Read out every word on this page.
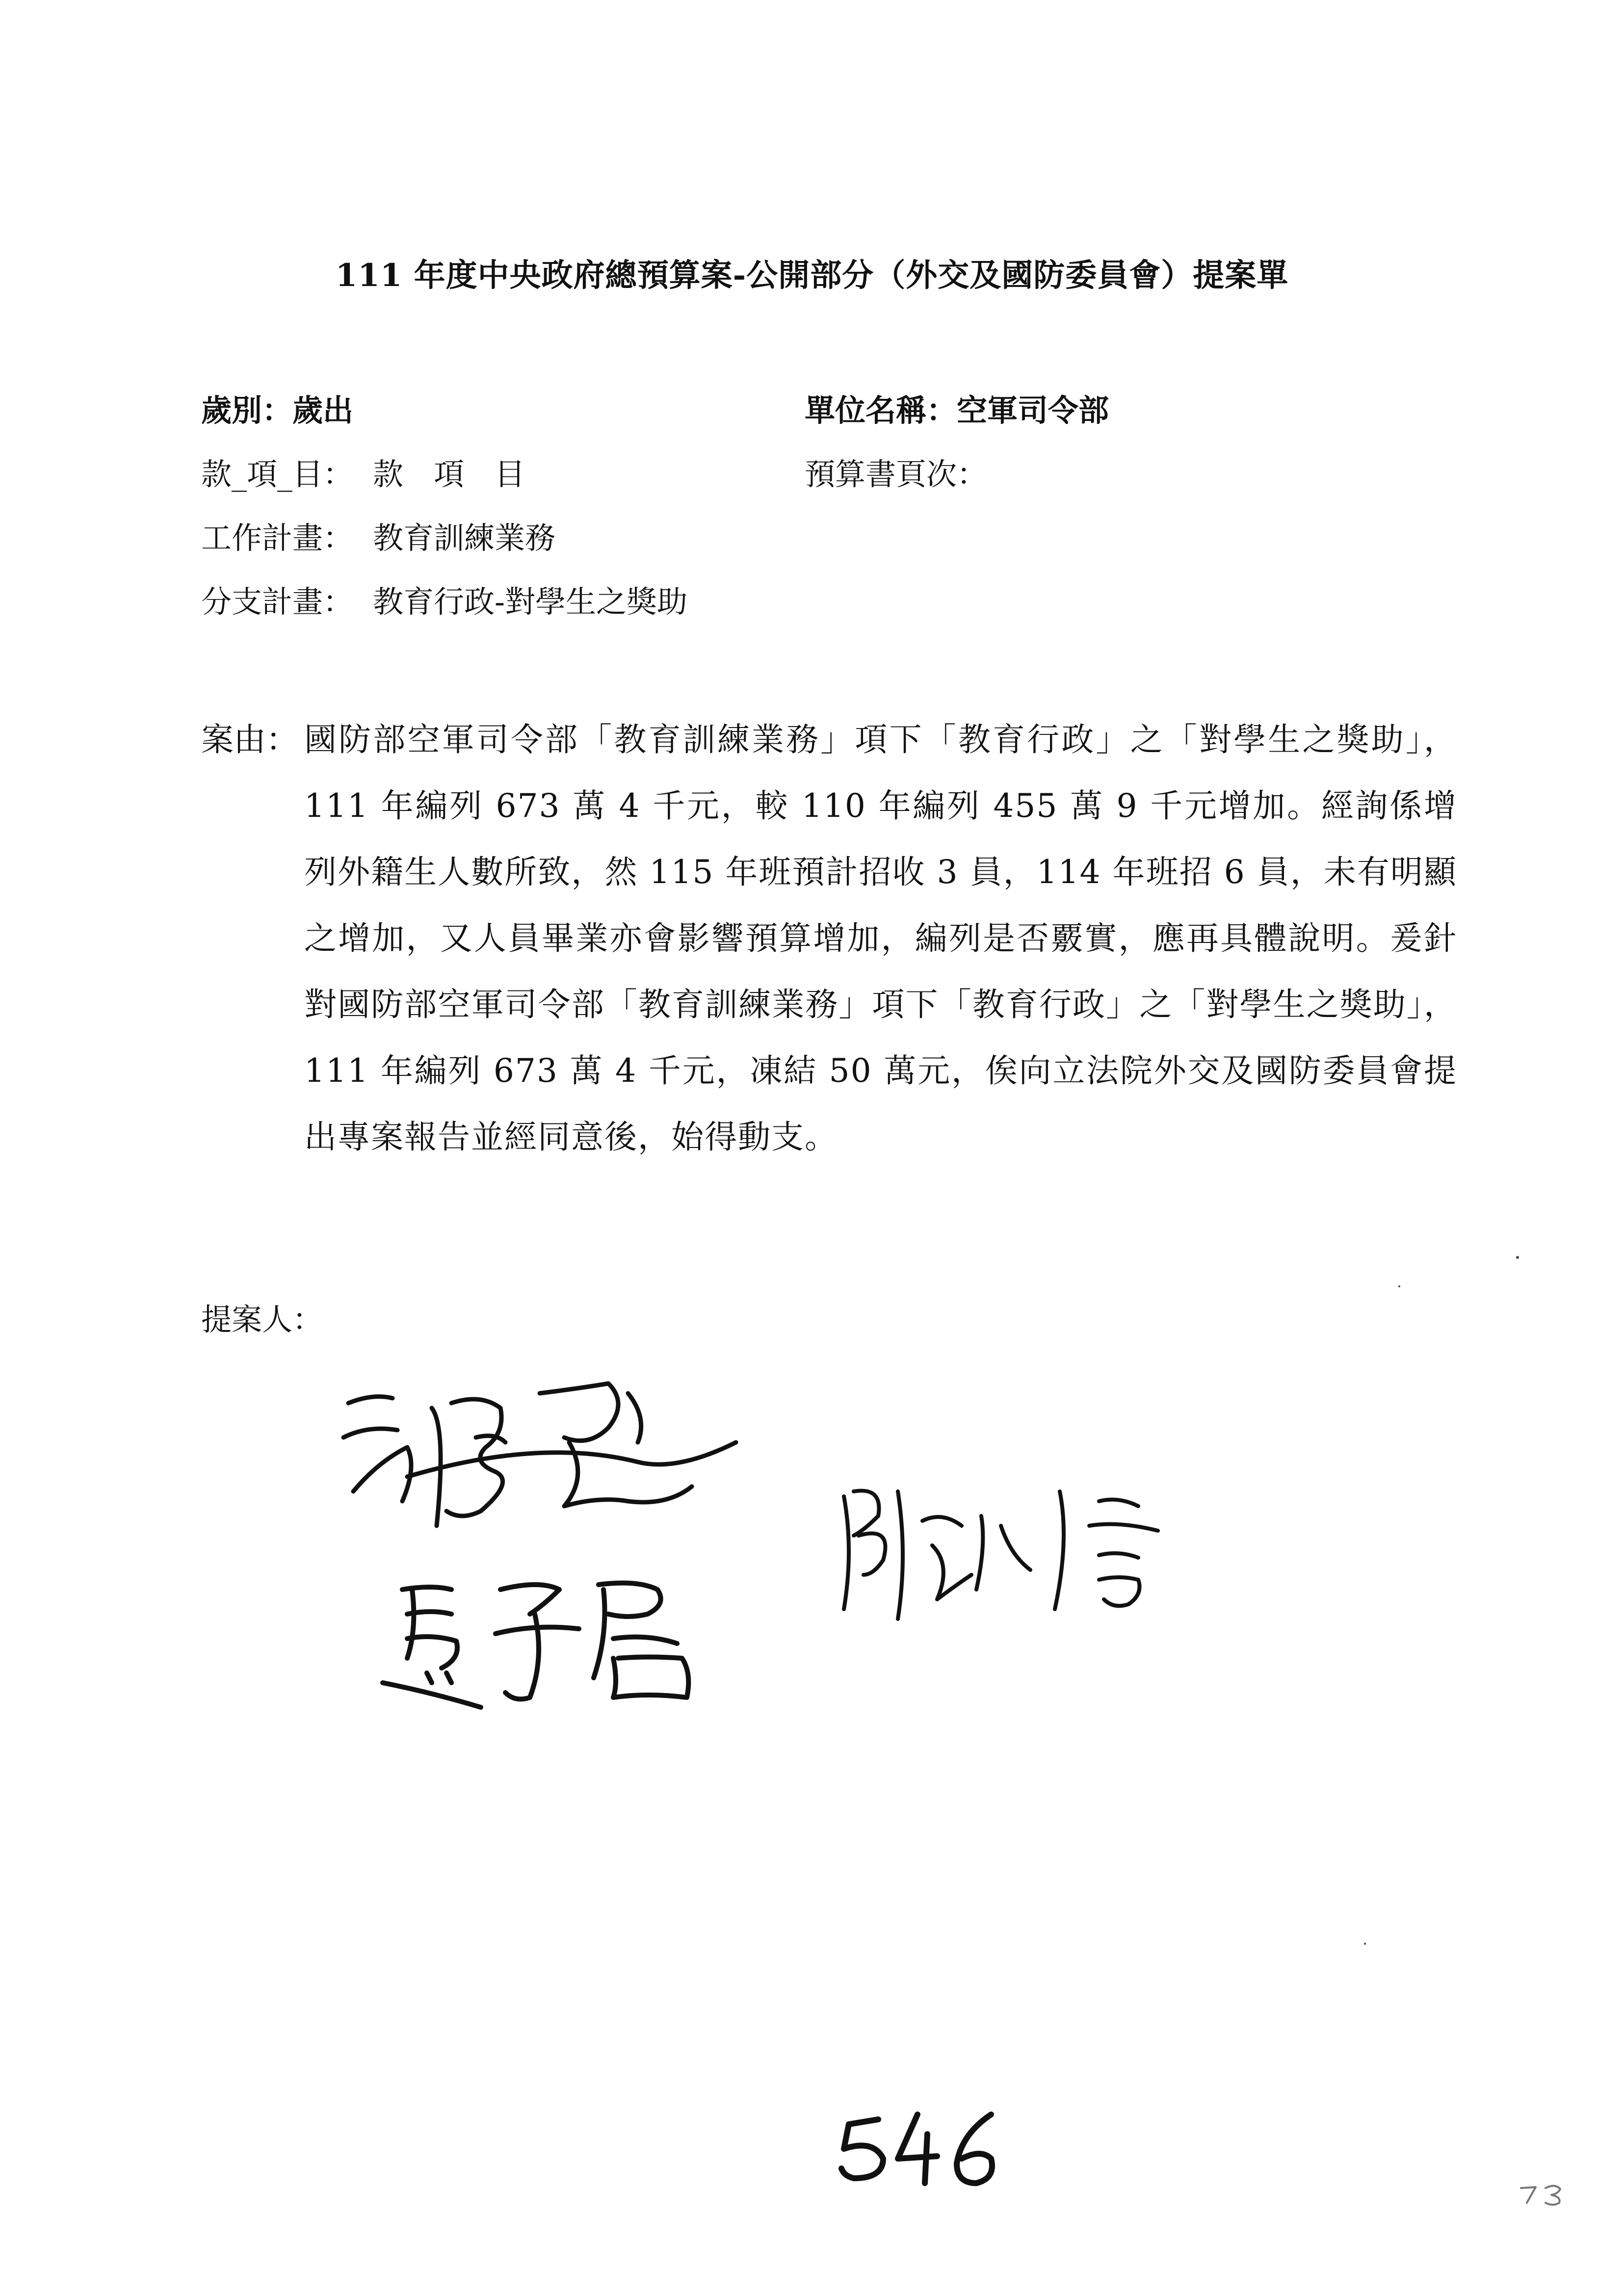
111 年度中央政府總預算案-公開部分（外交及國防委員會）提案單
歲別：歲出	單位名稱：空軍司令部
款_項_目： 款　項　目	預算書頁次：
工作計畫： 教育訓練業務
分支計畫： 教育行政-對學生之獎助
案由： 國防部空軍司令部「教育訓練業務」項下「教育行政」之「對學生之獎助」，111 年編列 673 萬 4 千元，較 110 年編列 455 萬 9 千元增加。經詢係增列外籍生人數所致，然 115 年班預計招收 3 員，114 年班招 6 員，未有明顯之增加，又人員畢業亦會影響預算增加，編列是否覈實，應再具體說明。爰針對國防部空軍司令部「教育訓練業務」項下「教育行政」之「對學生之獎助」，111 年編列 673 萬 4 千元，凍結 50 萬元，俟向立法院外交及國防委員會提出專案報告並經同意後，始得動支。
提案人：
